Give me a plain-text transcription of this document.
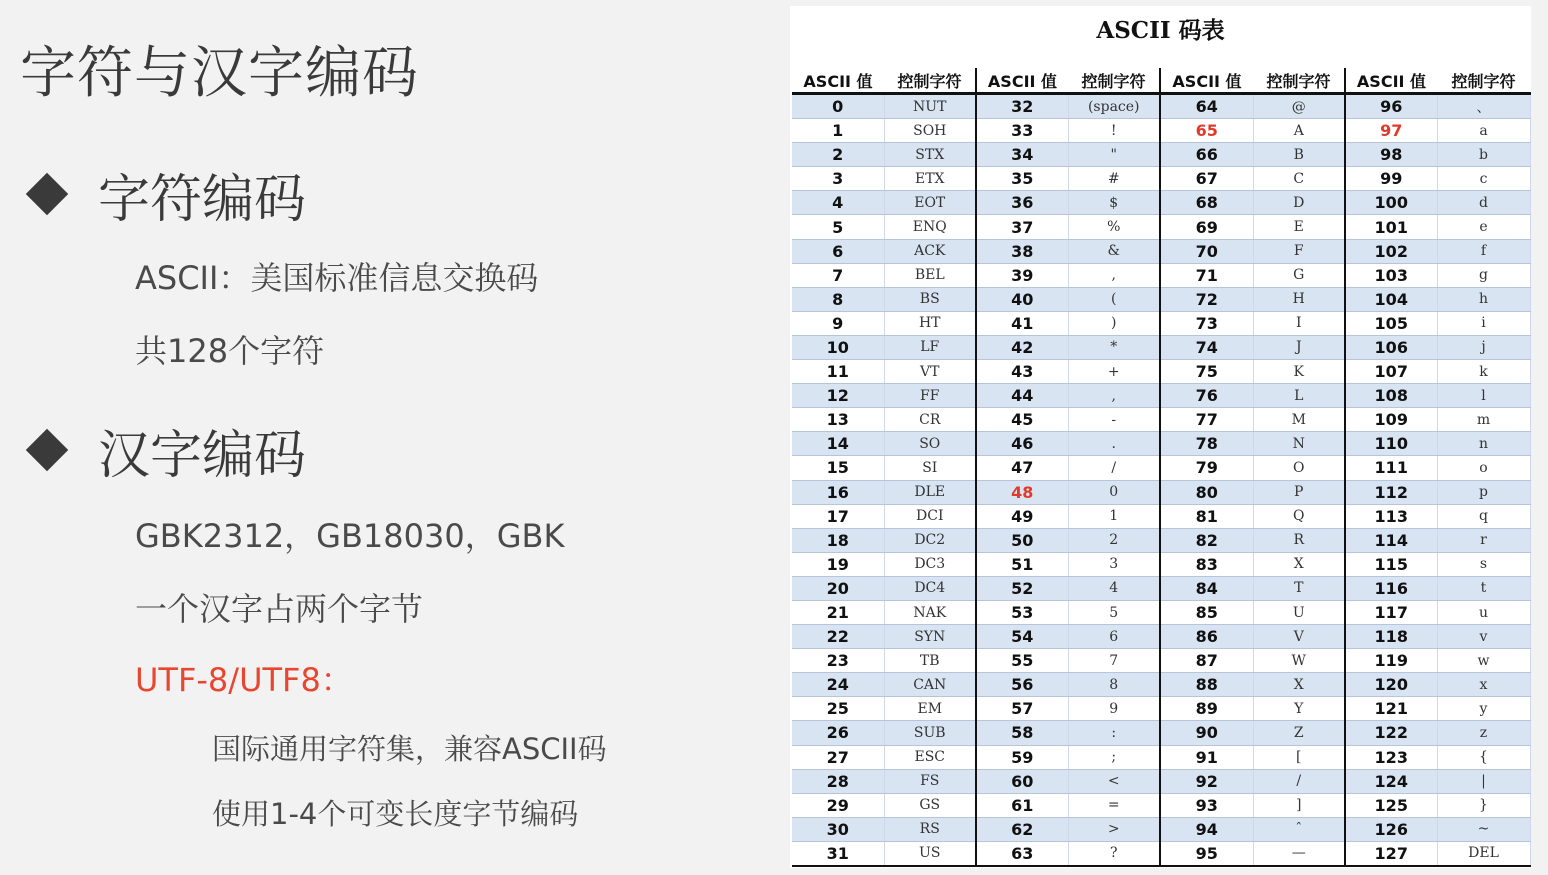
字符与汉字编码
字符编码
ASCII：美国标准信息交换码
共128个字符
汉字编码
GBK2312，GB18030，GBK
一个汉字占两个字节
UTF-8/UTF8：
国际通用字符集，兼容ASCII码
使用1-4个可变长度字节编码
ASCII 码表
ASCII 值	控制字符	ASCII 值	控制字符	ASCII 值	控制字符	ASCII 值	控制字符
0	NUT	32	(space)	64	@	96	、
1	SOH	33	!	65	A	97	a
2	STX	34	"	66	B	98	b
3	ETX	35	#	67	C	99	c
4	EOT	36	$	68	D	100	d
5	ENQ	37	%	69	E	101	e
6	ACK	38	&	70	F	102	f
7	BEL	39	,	71	G	103	g
8	BS	40	(	72	H	104	h
9	HT	41	)	73	I	105	i
10	LF	42	*	74	J	106	j
11	VT	43	+	75	K	107	k
12	FF	44	,	76	L	108	l
13	CR	45	-	77	M	109	m
14	SO	46	.	78	N	110	n
15	SI	47	/	79	O	111	o
16	DLE	48	0	80	P	112	p
17	DCI	49	1	81	Q	113	q
18	DC2	50	2	82	R	114	r
19	DC3	51	3	83	X	115	s
20	DC4	52	4	84	T	116	t
21	NAK	53	5	85	U	117	u
22	SYN	54	6	86	V	118	v
23	TB	55	7	87	W	119	w
24	CAN	56	8	88	X	120	x
25	EM	57	9	89	Y	121	y
26	SUB	58	:	90	Z	122	z
27	ESC	59	;	91	[	123	{
28	FS	60	<	92	/	124	|
29	GS	61	=	93	]	125	}
30	RS	62	>	94	ˆ	126	~
31	US	63	?	95	—	127	DEL
